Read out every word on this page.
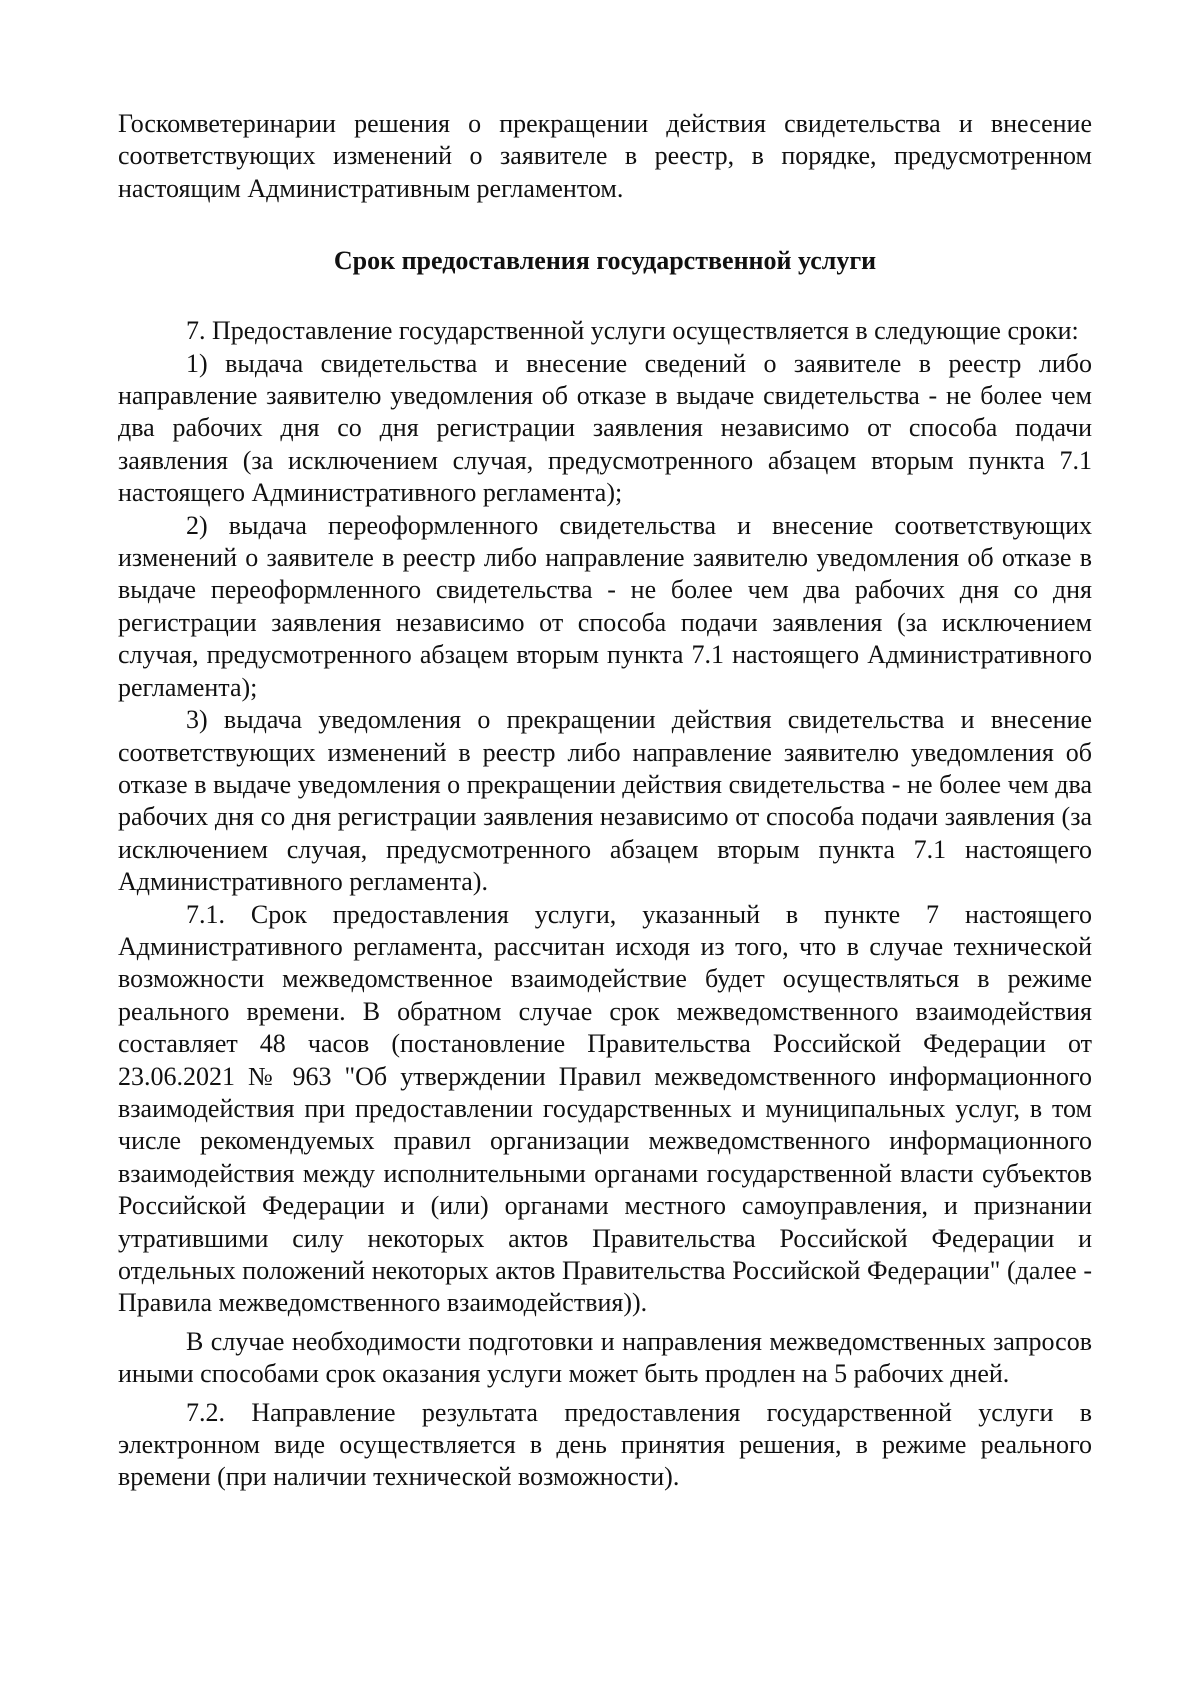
Госкомветеринарии решения о прекращении действия свидетельства и внесение соответствующих изменений о заявителе в реестр, в порядке, предусмотренном настоящим Административным регламентом.

Срок предоставления государственной услуги

7. Предоставление государственной услуги осуществляется в следующие сроки:

1) выдача свидетельства и внесение сведений о заявителе в реестр либо направление заявителю уведомления об отказе в выдаче свидетельства - не более чем два рабочих дня со дня регистрации заявления независимо от способа подачи заявления (за исключением случая, предусмотренного абзацем вторым пункта 7.1 настоящего Административного регламента);

2) выдача переоформленного свидетельства и внесение соответствующих изменений о заявителе в реестр либо направление заявителю уведомления об отказе в выдаче переоформленного свидетельства - не более чем два рабочих дня со дня регистрации заявления независимо от способа подачи заявления (за исключением случая, предусмотренного абзацем вторым пункта 7.1 настоящего Административного регламента);

3) выдача уведомления о прекращении действия свидетельства и внесение соответствующих изменений в реестр либо направление заявителю уведомления об отказе в выдаче уведомления о прекращении действия свидетельства - не более чем два рабочих дня со дня регистрации заявления независимо от способа подачи заявления (за исключением случая, предусмотренного абзацем вторым пункта 7.1 настоящего Административного регламента).

7.1. Срок предоставления услуги, указанный в пункте 7 настоящего Административного регламента, рассчитан исходя из того, что в случае технической возможности межведомственное взаимодействие будет осуществляться в режиме реального времени. В обратном случае срок межведомственного взаимодействия составляет 48 часов (постановление Правительства Российской Федерации от 23.06.2021 № 963 "Об утверждении Правил межведомственного информационного взаимодействия при предоставлении государственных и муниципальных услуг, в том числе рекомендуемых правил организации межведомственного информационного взаимодействия между исполнительными органами государственной власти субъектов Российской Федерации и (или) органами местного самоуправления, и признании утратившими силу некоторых актов Правительства Российской Федерации и отдельных положений некоторых актов Правительства Российской Федерации" (далее - Правила межведомственного взаимодействия)).

В случае необходимости подготовки и направления межведомственных запросов иными способами срок оказания услуги может быть продлен на 5 рабочих дней.

7.2. Направление результата предоставления государственной услуги в электронном виде осуществляется в день принятия решения, в режиме реального времени (при наличии технической возможности).
